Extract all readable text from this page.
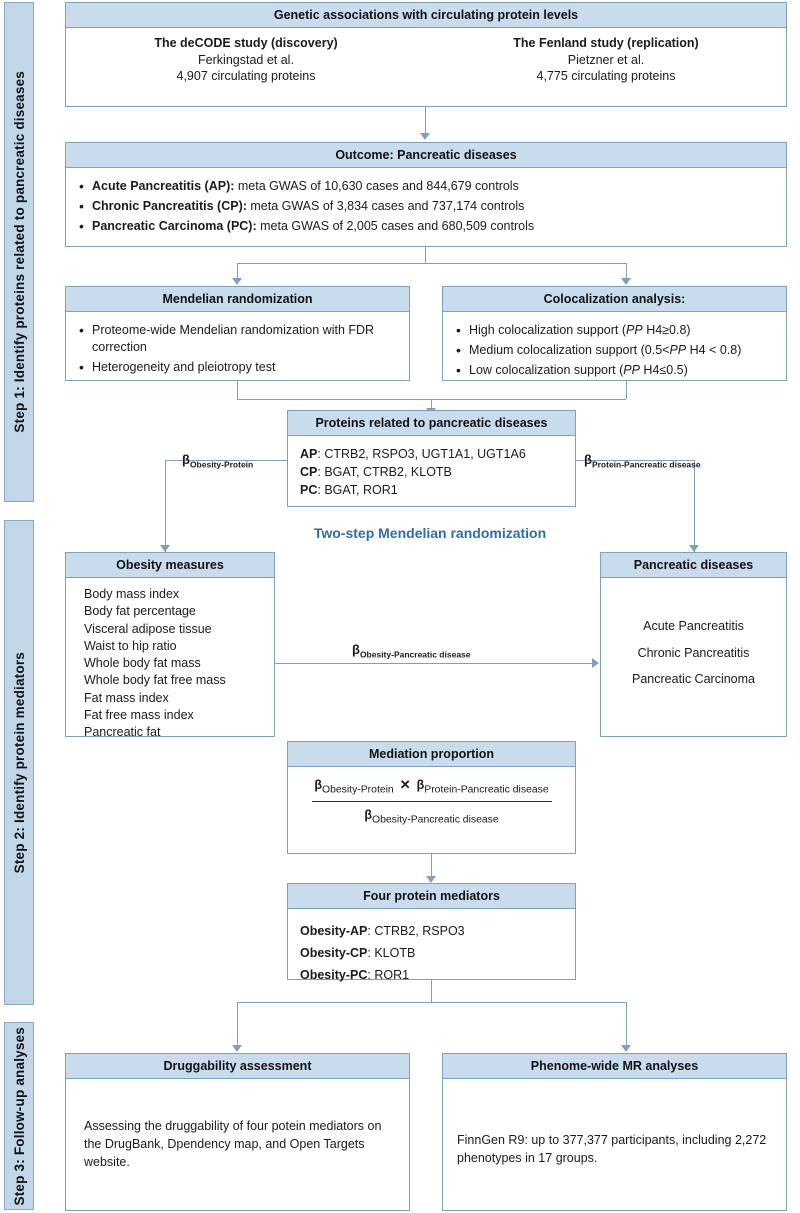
Step 1: Identify proteins related to pancreatic diseases
Step 2: Identify protein mediators
Step 3: Follow-up analyses
Genetic associations with circulating protein levels
The deCODE study (discovery)
Ferkingstad et al.
4,907 circulating proteins
The Fenland study (replication)
Pietzner et al.
4,775 circulating proteins
Outcome: Pancreatic diseases
• Acute Pancreatitis (AP): meta GWAS of 10,630 cases and 844,679 controls
• Chronic Pancreatitis (CP): meta GWAS of 3,834 cases and 737,174 controls
• Pancreatic Carcinoma (PC): meta GWAS of 2,005 cases and 680,509 controls
Mendelian randomization
• Proteome-wide Mendelian randomization with FDR correction
• Heterogeneity and pleiotropy test
Colocalization analysis:
• High colocalization support (PP H4≥0.8)
• Medium colocalization support (0.5<PP H4 < 0.8)
• Low colocalization support (PP H4≤0.5)
Proteins related to pancreatic diseases
AP: CTRB2, RSPO3, UGT1A1, UGT1A6
CP: BGAT, CTRB2, KLOTB
PC: BGAT, ROR1
Two-step Mendelian randomization
$\beta_{Obesity-Protein}$	$\beta_{Protein-Pancreatic disease}$
Obesity measures
Body mass index
Body fat percentage
Visceral adipose tissue
Waist to hip ratio
Whole body fat mass
Whole body fat free mass
Fat mass index
Fat free mass index
Pancreatic fat
Pancreatic diseases
Acute Pancreatitis
Chronic Pancreatitis
Pancreatic Carcinoma
$\beta_{Obesity-Pancreatic disease}$
Mediation proportion
$\beta_{Obesity-Protein}$ ✕ $\beta_{Protein-Pancreatic disease}$
$\beta_{Obesity-Pancreatic disease}$
Four protein mediators
Obesity-AP: CTRB2, RSPO3
Obesity-CP: KLOTB
Obesity-PC: ROR1
Druggability assessment
Assessing the druggability of four potein mediators on the DrugBank, Dpendency map, and Open Targets website.
Phenome-wide MR analyses
FinnGen R9: up to 377,377 participants, including 2,272 phenotypes in 17 groups.
